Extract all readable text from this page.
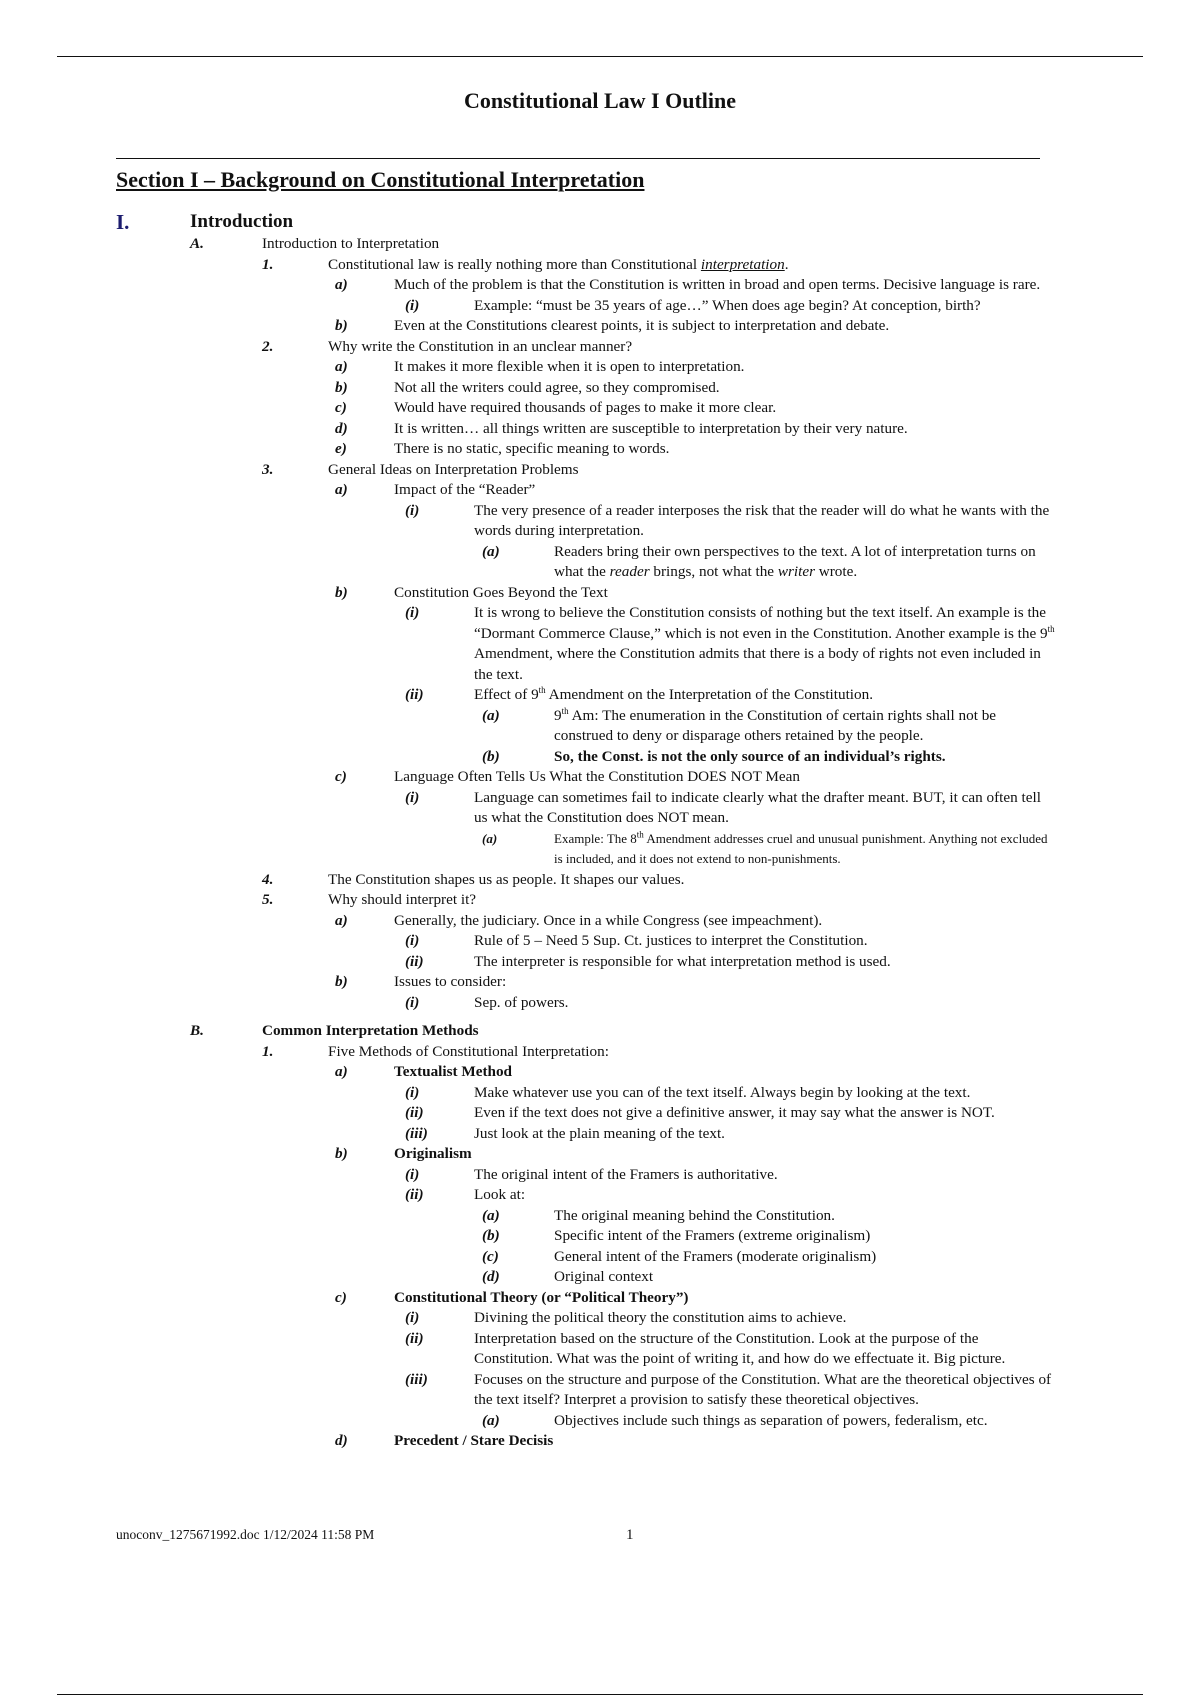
Constitutional Law I Outline
Section I – Background on Constitutional Interpretation
I.	Introduction
A.	Introduction to Interpretation
1.	Constitutional law is really nothing more than Constitutional interpretation.
a)	Much of the problem is that the Constitution is written in broad and open terms. Decisive language is rare.
(i)	Example: “must be 35 years of age…” When does age begin? At conception, birth?
b)	Even at the Constitutions clearest points, it is subject to interpretation and debate.
2.	Why write the Constitution in an unclear manner?
a)	It makes it more flexible when it is open to interpretation.
b)	Not all the writers could agree, so they compromised.
c)	Would have required thousands of pages to make it more clear.
d)	It is written… all things written are susceptible to interpretation by their very nature.
e)	There is no static, specific meaning to words.
3.	General Ideas on Interpretation Problems
a)	Impact of the “Reader”
(i)	The very presence of a reader interposes the risk that the reader will do what he wants with the words during interpretation.
(a)	Readers bring their own perspectives to the text. A lot of interpretation turns on what the reader brings, not what the writer wrote.
b)	Constitution Goes Beyond the Text
(i)	It is wrong to believe the Constitution consists of nothing but the text itself. An example is the “Dormant Commerce Clause,” which is not even in the Constitution. Another example is the 9th Amendment, where the Constitution admits that there is a body of rights not even included in the text.
(ii)	Effect of 9th Amendment on the Interpretation of the Constitution.
(a)	9th Am: The enumeration in the Constitution of certain rights shall not be construed to deny or disparage others retained by the people.
(b)	So, the Const. is not the only source of an individual’s rights.
c)	Language Often Tells Us What the Constitution DOES NOT Mean
(i)	Language can sometimes fail to indicate clearly what the drafter meant. BUT, it can often tell us what the Constitution does NOT mean.
(a)	Example: The 8th Amendment addresses cruel and unusual punishment. Anything not excluded is included, and it does not extend to non-punishments.
4.	The Constitution shapes us as people. It shapes our values.
5.	Why should interpret it?
a)	Generally, the judiciary. Once in a while Congress (see impeachment).
(i)	Rule of 5 – Need 5 Sup. Ct. justices to interpret the Constitution.
(ii)	The interpreter is responsible for what interpretation method is used.
b)	Issues to consider:
(i)	Sep. of powers.
B.	Common Interpretation Methods
1.	Five Methods of Constitutional Interpretation:
a)	Textualist Method
(i)	Make whatever use you can of the text itself. Always begin by looking at the text.
(ii)	Even if the text does not give a definitive answer, it may say what the answer is NOT.
(iii)	Just look at the plain meaning of the text.
b)	Originalism
(i)	The original intent of the Framers is authoritative.
(ii)	Look at:
(a)	The original meaning behind the Constitution.
(b)	Specific intent of the Framers (extreme originalism)
(c)	General intent of the Framers (moderate originalism)
(d)	Original context
c)	Constitutional Theory (or “Political Theory”)
(i)	Divining the political theory the constitution aims to achieve.
(ii)	Interpretation based on the structure of the Constitution. Look at the purpose of the Constitution. What was the point of writing it, and how do we effectuate it. Big picture.
(iii)	Focuses on the structure and purpose of the Constitution. What are the theoretical objectives of the text itself? Interpret a provision to satisfy these theoretical objectives.
(a)	Objectives include such things as separation of powers, federalism, etc.
d)	Precedent / Stare Decisis

unoconv_1275671992.doc 1/12/2024 11:58 PM	1
